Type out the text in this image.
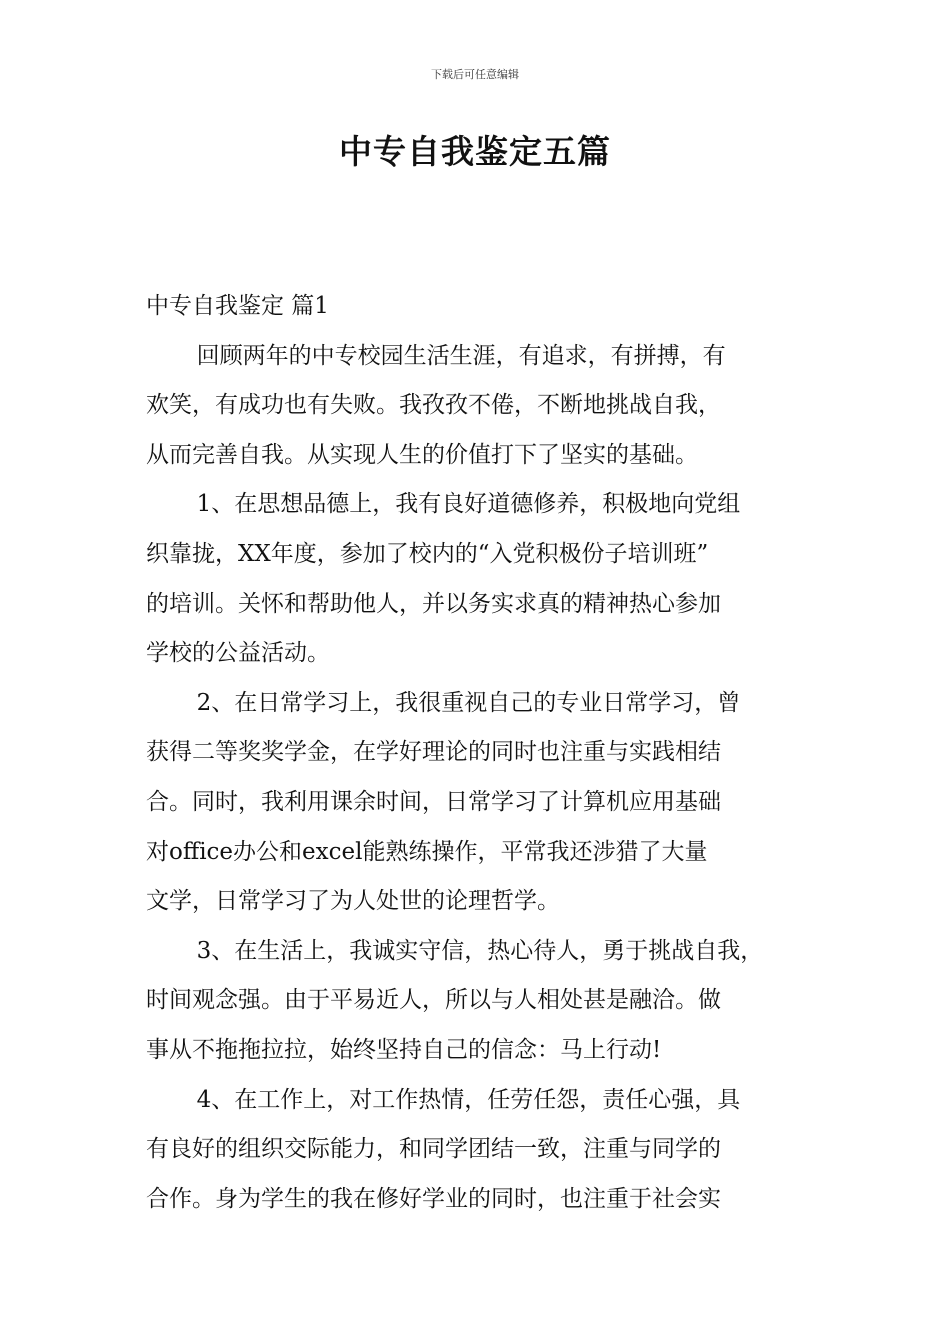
下载后可任意编辑
中专自我鉴定五篇

中专自我鉴定 篇1

回顾两年的中专校园生活生涯，有追求，有拼搏，有
欢笑，有成功也有失败。我孜孜不倦，不断地挑战自我，
从而完善自我。从实现人生的价值打下了坚实的基础。

1、在思想品德上，我有良好道德修养，积极地向党组
织靠拢，XX年度，参加了校内的“入党积极份子培训班”
的培训。关怀和帮助他人，并以务实求真的精神热心参加
学校的公益活动。

2、在日常学习上，我很重视自己的专业日常学习，曾
获得二等奖奖学金，在学好理论的同时也注重与实践相结
合。同时，我利用课余时间，日常学习了计算机应用基础
对office办公和excel能熟练操作，平常我还涉猎了大量
文学，日常学习了为人处世的论理哲学。

3、在生活上，我诚实守信，热心待人，勇于挑战自我，
时间观念强。由于平易近人，所以与人相处甚是融洽。做
事从不拖拖拉拉，始终坚持自己的信念：马上行动!

4、在工作上，对工作热情，任劳任怨，责任心强，具
有良好的组织交际能力，和同学团结一致，注重与同学的
合作。身为学生的我在修好学业的同时，也注重于社会实
